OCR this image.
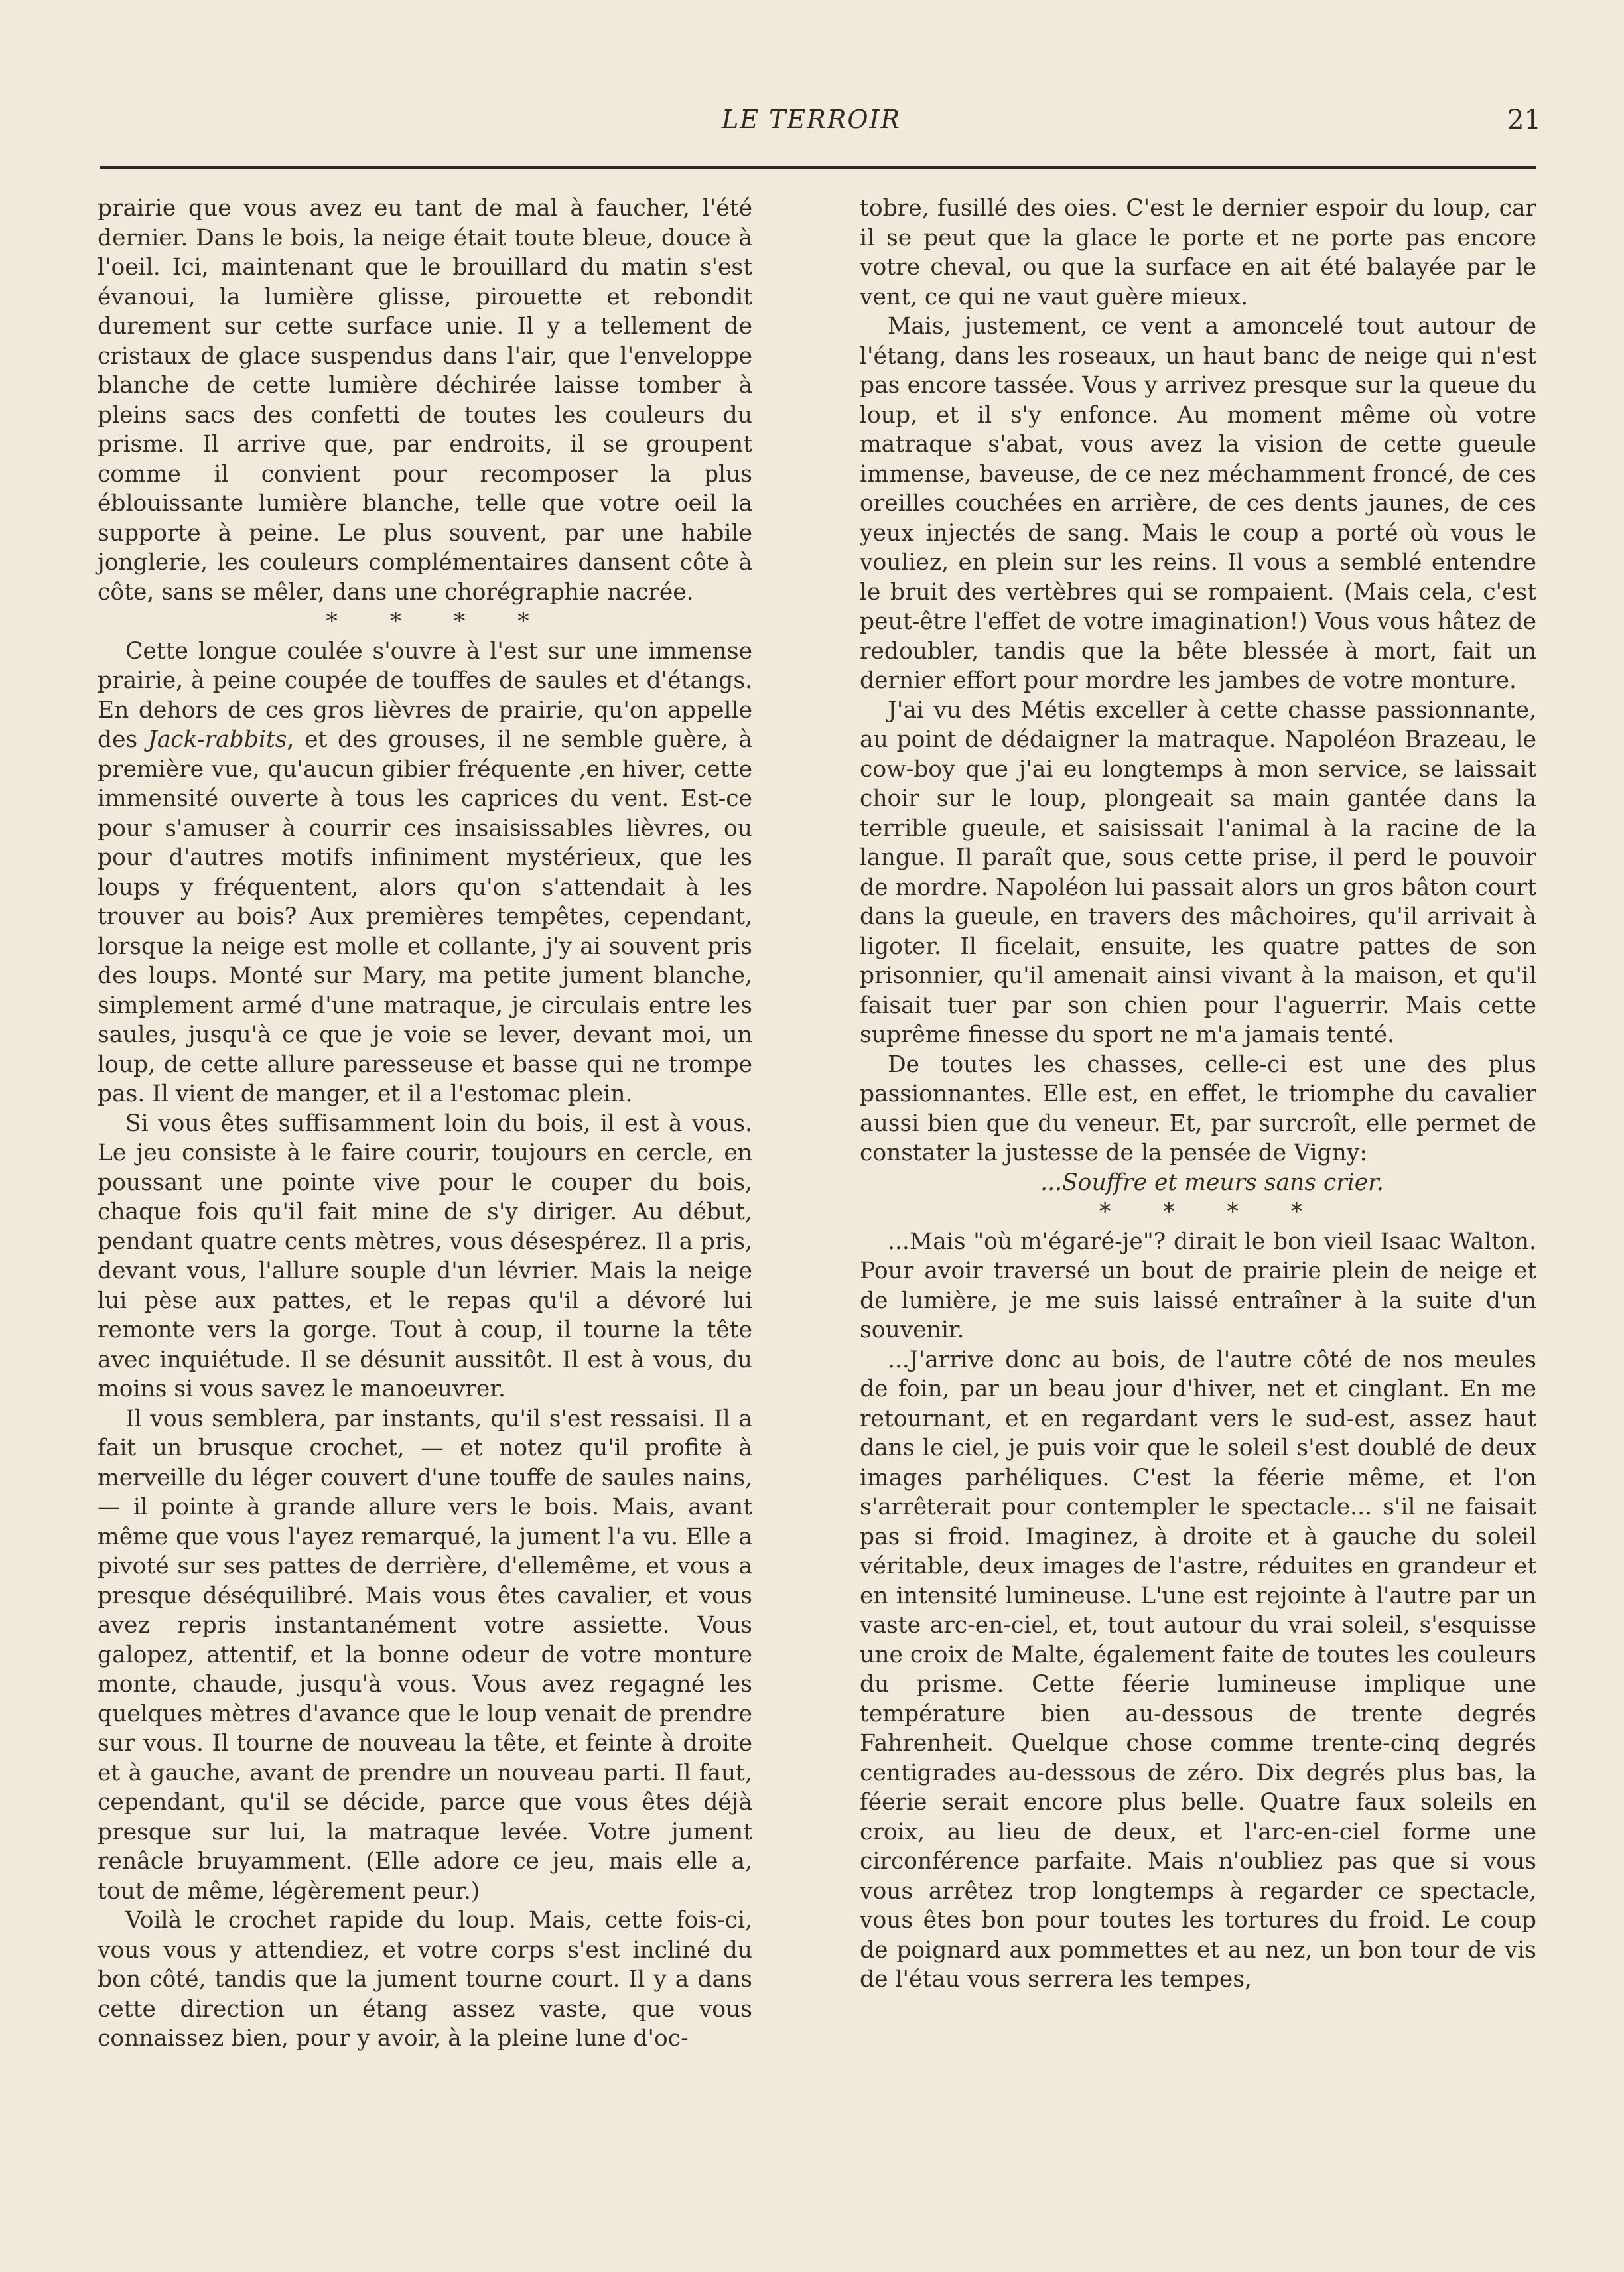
LE TERROIR	21

prairie que vous avez eu tant de mal à faucher, l'été dernier. Dans le bois, la neige était toute bleue, douce à l'oeil. Ici, maintenant que le brouillard du matin s'est évanoui, la lumière glisse, pirouette et rebondit durement sur cette surface unie. Il y a tellement de cristaux de glace suspendus dans l'air, que l'enveloppe blanche de cette lumière déchirée laisse tomber à pleins sacs des confetti de toutes les couleurs du prisme. Il arrive que, par endroits, il se groupent comme il convient pour recomposer la plus éblouissante lumière blanche, telle que votre oeil la supporte à peine. Le plus souvent, par une habile jonglerie, les couleurs complémentaires dansent côte à côte, sans se mêler, dans une chorégraphie nacrée.

* * * *

Cette longue coulée s'ouvre à l'est sur une immense prairie, à peine coupée de touffes de saules et d'étangs. En dehors de ces gros lièvres de prairie, qu'on appelle des Jack-rabbits, et des grouses, il ne semble guère, à première vue, qu'aucun gibier fréquente ,en hiver, cette immensité ouverte à tous les caprices du vent. Est-ce pour s'amuser à courrir ces insaisissables lièvres, ou pour d'autres motifs infiniment mystérieux, que les loups y fréquentent, alors qu'on s'attendait à les trouver au bois? Aux premières tempêtes, cependant, lorsque la neige est molle et collante, j'y ai souvent pris des loups. Monté sur Mary, ma petite jument blanche, simplement armé d'une matraque, je circulais entre les saules, jusqu'à ce que je voie se lever, devant moi, un loup, de cette allure paresseuse et basse qui ne trompe pas. Il vient de manger, et il a l'estomac plein.

Si vous êtes suffisamment loin du bois, il est à vous. Le jeu consiste à le faire courir, toujours en cercle, en poussant une pointe vive pour le couper du bois, chaque fois qu'il fait mine de s'y diriger. Au début, pendant quatre cents mètres, vous désespérez. Il a pris, devant vous, l'allure souple d'un lévrier. Mais la neige lui pèse aux pattes, et le repas qu'il a dévoré lui remonte vers la gorge. Tout à coup, il tourne la tête avec inquiétude. Il se désunit aussitôt. Il est à vous, du moins si vous savez le manoeuvrer.

Il vous semblera, par instants, qu'il s'est ressaisi. Il a fait un brusque crochet, — et notez qu'il profite à merveille du léger couvert d'une touffe de saules nains, — il pointe à grande allure vers le bois. Mais, avant même que vous l'ayez remarqué, la jument l'a vu. Elle a pivoté sur ses pattes de derrière, d'ellemême, et vous a presque déséquilibré. Mais vous êtes cavalier, et vous avez repris instantanément votre assiette. Vous galopez, attentif, et la bonne odeur de votre monture monte, chaude, jusqu'à vous. Vous avez regagné les quelques mètres d'avance que le loup venait de prendre sur vous. Il tourne de nouveau la tête, et feinte à droite et à gauche, avant de prendre un nouveau parti. Il faut, cependant, qu'il se décide, parce que vous êtes déjà presque sur lui, la matraque levée. Votre jument renâcle bruyamment. (Elle adore ce jeu, mais elle a, tout de même, légèrement peur.)

Voilà le crochet rapide du loup. Mais, cette fois-ci, vous vous y attendiez, et votre corps s'est incliné du bon côté, tandis que la jument tourne court. Il y a dans cette direction un étang assez vaste, que vous connaissez bien, pour y avoir, à la pleine lune d'oc-

tobre, fusillé des oies. C'est le dernier espoir du loup, car il se peut que la glace le porte et ne porte pas encore votre cheval, ou que la surface en ait été balayée par le vent, ce qui ne vaut guère mieux.

Mais, justement, ce vent a amoncelé tout autour de l'étang, dans les roseaux, un haut banc de neige qui n'est pas encore tassée. Vous y arrivez presque sur la queue du loup, et il s'y enfonce. Au moment même où votre matraque s'abat, vous avez la vision de cette gueule immense, baveuse, de ce nez méchamment froncé, de ces oreilles couchées en arrière, de ces dents jaunes, de ces yeux injectés de sang. Mais le coup a porté où vous le vouliez, en plein sur les reins. Il vous a semblé entendre le bruit des vertèbres qui se rompaient. (Mais cela, c'est peut-être l'effet de votre imagination!) Vous vous hâtez de redoubler, tandis que la bête blessée à mort, fait un dernier effort pour mordre les jambes de votre monture.

J'ai vu des Métis exceller à cette chasse passionnante, au point de dédaigner la matraque. Napoléon Brazeau, le cow-boy que j'ai eu longtemps à mon service, se laissait choir sur le loup, plongeait sa main gantée dans la terrible gueule, et saisissait l'animal à la racine de la langue. Il paraît que, sous cette prise, il perd le pouvoir de mordre. Napoléon lui passait alors un gros bâton court dans la gueule, en travers des mâchoires, qu'il arrivait à ligoter. Il ficelait, ensuite, les quatre pattes de son prisonnier, qu'il amenait ainsi vivant à la maison, et qu'il faisait tuer par son chien pour l'aguerrir. Mais cette suprême finesse du sport ne m'a jamais tenté.

De toutes les chasses, celle-ci est une des plus passionnantes. Elle est, en effet, le triomphe du cavalier aussi bien que du veneur. Et, par surcroît, elle permet de constater la justesse de la pensée de Vigny:

...Souffre et meurs sans crier.

* * * *

...Mais "où m'égaré-je"? dirait le bon vieil Isaac Walton. Pour avoir traversé un bout de prairie plein de neige et de lumière, je me suis laissé entraîner à la suite d'un souvenir.

...J'arrive donc au bois, de l'autre côté de nos meules de foin, par un beau jour d'hiver, net et cinglant. En me retournant, et en regardant vers le sud-est, assez haut dans le ciel, je puis voir que le soleil s'est doublé de deux images parhéliques. C'est la féerie même, et l'on s'arrêterait pour contempler le spectacle... s'il ne faisait pas si froid. Imaginez, à droite et à gauche du soleil véritable, deux images de l'astre, réduites en grandeur et en intensité lumineuse. L'une est rejointe à l'autre par un vaste arc-en-ciel, et, tout autour du vrai soleil, s'esquisse une croix de Malte, également faite de toutes les couleurs du prisme. Cette féerie lumineuse implique une température bien au-dessous de trente degrés Fahrenheit. Quelque chose comme trente-cinq degrés centigrades au-dessous de zéro. Dix degrés plus bas, la féerie serait encore plus belle. Quatre faux soleils en croix, au lieu de deux, et l'arc-en-ciel forme une circonférence parfaite. Mais n'oubliez pas que si vous vous arrêtez trop longtemps à regarder ce spectacle, vous êtes bon pour toutes les tortures du froid. Le coup de poignard aux pommettes et au nez, un bon tour de vis de l'étau vous serrera les tempes,
